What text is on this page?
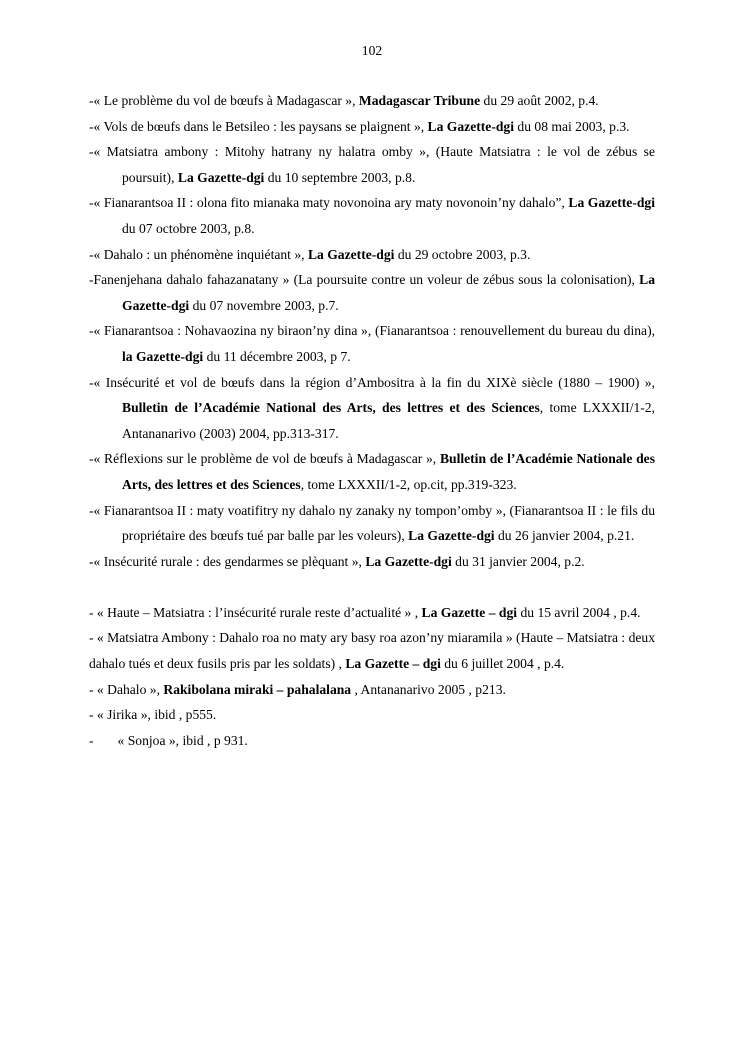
102
-« Le problème du vol de bœufs à Madagascar », Madagascar Tribune du 29 août 2002, p.4.
-« Vols de bœufs dans le Betsileo : les paysans se plaignent », La Gazette-dgi du 08 mai 2003, p.3.
-« Matsiatra ambony : Mitohy hatrany ny halatra omby », (Haute Matsiatra : le vol de zébus se poursuit), La Gazette-dgi du 10 septembre 2003, p.8.
-« Fianarantsoa II : olona fito mianaka maty novonoina ary maty novonoin’ny dahalo”, La Gazette-dgi du 07 octobre 2003, p.8.
-« Dahalo : un phénomène inquiétant », La Gazette-dgi du 29 octobre 2003, p.3.
-Fanenjehana dahalo fahazanatany » (La poursuite contre un voleur de zébus sous la colonisation), La Gazette-dgi du 07 novembre 2003, p.7.
-« Fianarantsoa : Nohavaozina ny biraon’ny dina », (Fianarantsoa : renouvellement du bureau du dina), la Gazette-dgi du 11 décembre 2003, p 7.
-« Insécurité et vol de bœufs dans la région d’Ambositra à la fin du XIXè siècle (1880 – 1900) », Bulletin de l’Académie National des Arts, des lettres et des Sciences, tome LXXXII/1-2, Antananarivo (2003) 2004, pp.313-317.
-« Réflexions sur le problème de vol de bœufs à Madagascar », Bulletin de l’Académie Nationale des Arts, des lettres et des Sciences, tome LXXXII/1-2, op.cit, pp.319-323.
-« Fianarantsoa II : maty voatifitry ny dahalo ny zanaky ny tompon’omby », (Fianarantsoa II : le fils du propriétaire des bœufs tué par balle par les voleurs), La Gazette-dgi du 26 janvier 2004, p.21.
-« Insécurité rurale : des gendarmes se plèquant », La Gazette-dgi du 31 janvier 2004, p.2.
- « Haute – Matsiatra : l’insécurité rurale reste d’actualité » , La Gazette – dgi du 15 avril 2004 , p.4.
- « Matsiatra Ambony : Dahalo roa no maty ary basy roa azon’ny miaramila » (Haute – Matsiatra : deux dahalo tués et deux fusils pris par les soldats) , La Gazette – dgi du 6 juillet 2004 , p.4.
- « Dahalo », Rakibolana miraki – pahalalana , Antananarivo 2005 , p213.
- « Jirika », ibid , p555.
- « Sonjoa », ibid , p 931.
